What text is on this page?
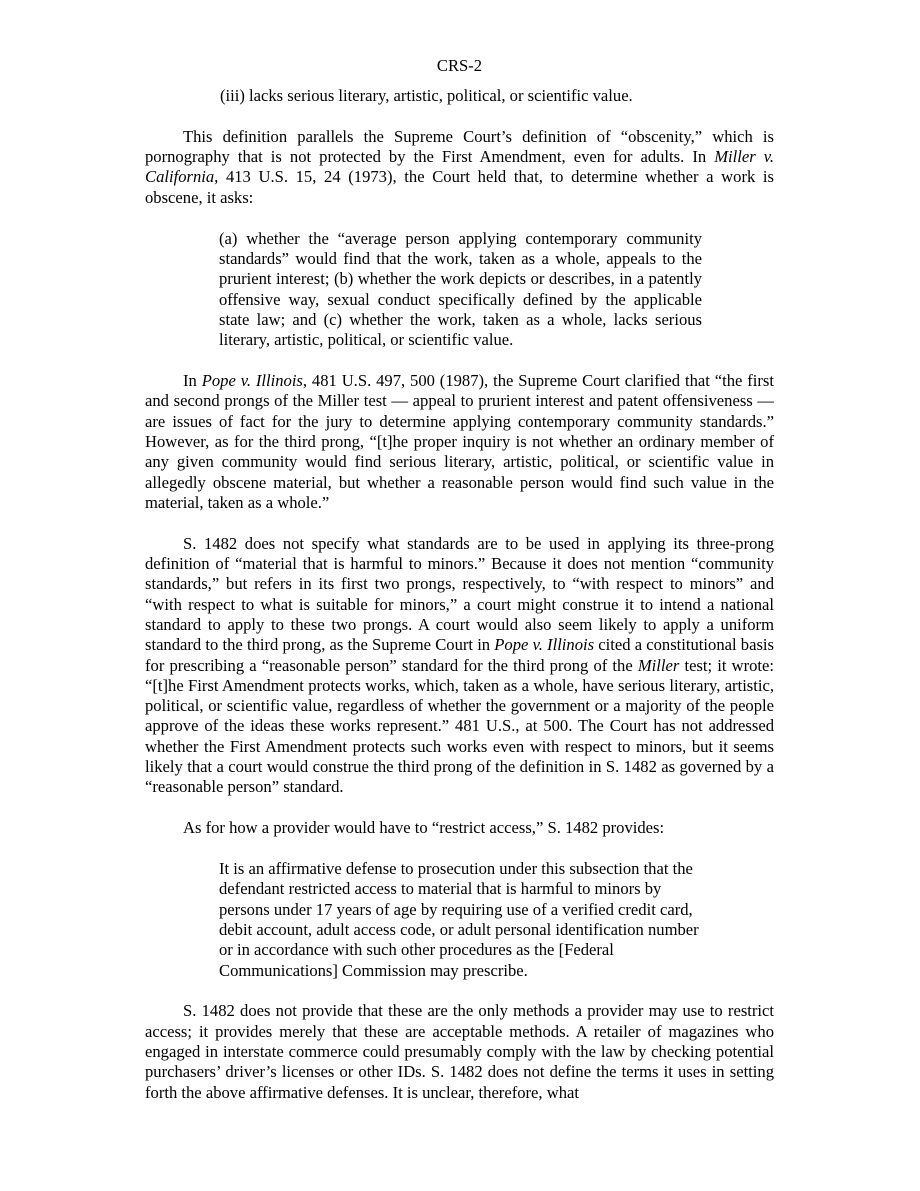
CRS-2
(iii) lacks serious literary, artistic, political, or scientific value.

This definition parallels the Supreme Court’s definition of “obscenity,” which is pornography that is not protected by the First Amendment, even for adults. In Miller v. California, 413 U.S. 15, 24 (1973), the Court held that, to determine whether a work is obscene, it asks:

(a) whether the “average person applying contemporary community standards” would find that the work, taken as a whole, appeals to the prurient interest; (b) whether the work depicts or describes, in a patently offensive way, sexual conduct specifically defined by the applicable state law; and (c) whether the work, taken as a whole, lacks serious literary, artistic, political, or scientific value.

In Pope v. Illinois, 481 U.S. 497, 500 (1987), the Supreme Court clarified that “the first and second prongs of the Miller test — appeal to prurient interest and patent offensiveness — are issues of fact for the jury to determine applying contemporary community standards.” However, as for the third prong, “[t]he proper inquiry is not whether an ordinary member of any given community would find serious literary, artistic, political, or scientific value in allegedly obscene material, but whether a reasonable person would find such value in the material, taken as a whole.”

S. 1482 does not specify what standards are to be used in applying its three-prong definition of “material that is harmful to minors.” Because it does not mention “community standards,” but refers in its first two prongs, respectively, to “with respect to minors” and “with respect to what is suitable for minors,” a court might construe it to intend a national standard to apply to these two prongs. A court would also seem likely to apply a uniform standard to the third prong, as the Supreme Court in Pope v. Illinois cited a constitutional basis for prescribing a “reasonable person” standard for the third prong of the Miller test; it wrote: “[t]he First Amendment protects works, which, taken as a whole, have serious literary, artistic, political, or scientific value, regardless of whether the government or a majority of the people approve of the ideas these works represent.” 481 U.S., at 500. The Court has not addressed whether the First Amendment protects such works even with respect to minors, but it seems likely that a court would construe the third prong of the definition in S. 1482 as governed by a “reasonable person” standard.

As for how a provider would have to “restrict access,” S. 1482 provides:

It is an affirmative defense to prosecution under this subsection that the defendant restricted access to material that is harmful to minors by persons under 17 years of age by requiring use of a verified credit card, debit account, adult access code, or adult personal identification number or in accordance with such other procedures as the [Federal Communications] Commission may prescribe.

S. 1482 does not provide that these are the only methods a provider may use to restrict access; it provides merely that these are acceptable methods. A retailer of magazines who engaged in interstate commerce could presumably comply with the law by checking potential purchasers’ driver’s licenses or other IDs. S. 1482 does not define the terms it uses in setting forth the above affirmative defenses. It is unclear, therefore, what
